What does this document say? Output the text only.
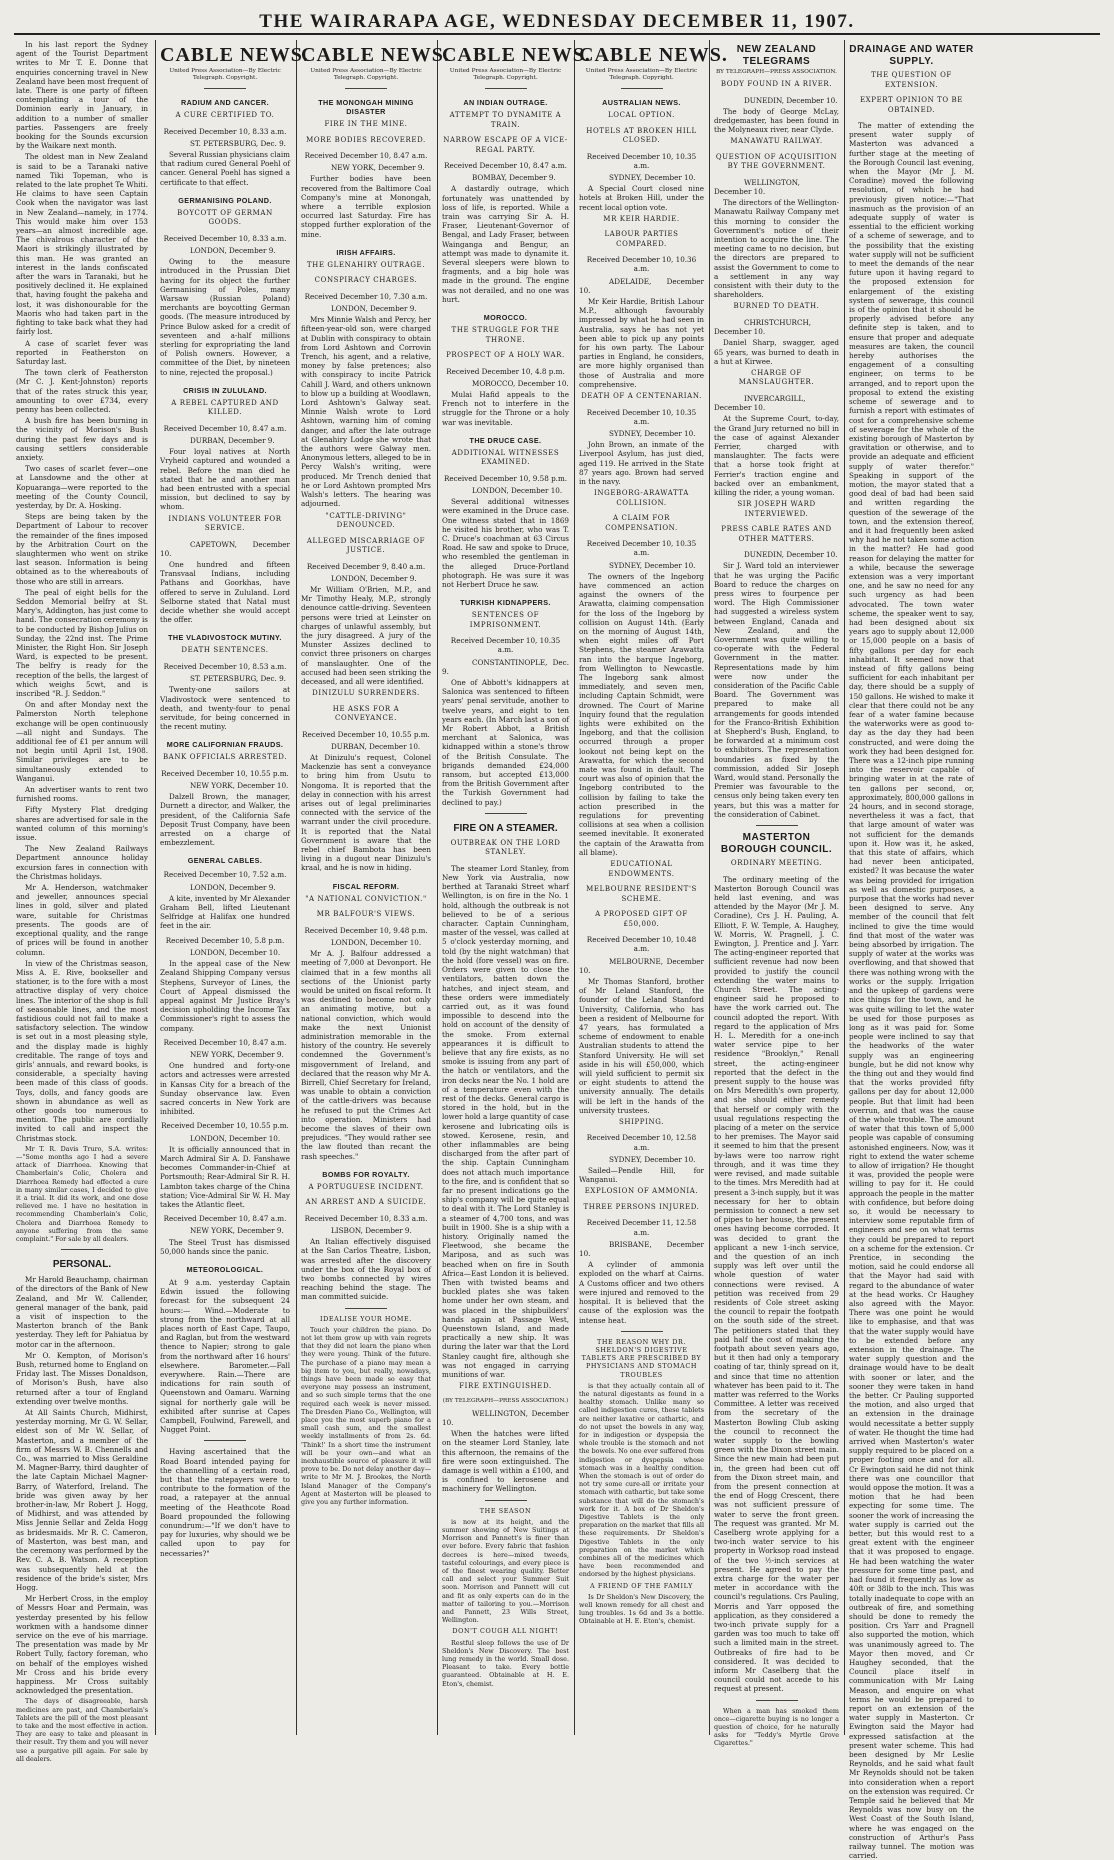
THE WAIRARAPA AGE, WEDNESDAY DECEMBER 11, 1907.

In his last report the Sydney agent of the Tourist Department writes to Mr T. E. Donne that enquiries concerning travel in New Zealand have been most frequent of late. There is one party of fifteen contemplating a tour of the Dominion early in January, in addition to a number of smaller parties. Passengers are freely booking for the Sounds excursion by the Waikare next month.

The oldest man in New Zealand is said to be a Taranaki native named Tiki Topeman, who is related to the late prophet Te Whiti. He claims to have seen Captain Cook when the navigator was last in New Zealand—namely, in 1774. This would make him over 153 years—an almost incredible age. The chivalrous character of the Maori is strikingly illustrated by this man. He was granted an interest in the lands confiscated after the wars in Taranaki, but he positively declined it. He explained that, having fought the pakeha and lost, it was dishonourable for the Maoris who had taken part in the fighting to take back what they had fairly lost.

A case of scarlet fever was reported in Featherston on Saturday last.

The town clerk of Featherston (Mr C. J. Kent-Johnston) reports that of the rates struck this year, amounting to over £734, every penny has been collected.

A bush fire has been burning in the vicinity of Morison's Bush during the past few days and is causing settlers considerable anxiety.

Two cases of scarlet fever—one at Lansdowne and the other at Kopuaranga—were reported to the meeting of the County Council, yesterday, by Dr. A. Hosking.

Steps are being taken by the Department of Labour to recover the remainder of the fines imposed by the Arbitration Court on the slaughtermen who went on strike last season. Information is being obtained as to the whereabouts of those who are still in arrears.

The peal of eight bells for the Seddon Memorial belfry at St. Mary's, Addington, has just come to hand. The consecration ceremony is to be conducted by Bishop Julius on Sunday, the 22nd inst. The Prime Minister, the Right Hon. Sir Joseph Ward, is expected to be present. The belfry is ready for the reception of the bells, the largest of which weighs 5cwt, and is inscribed "R. J. Seddon."

On and after Monday next the Palmerston North telephone exchange will be open continuously—all night and Sundays. The additional fee of £1 per annum will not begin until April 1st, 1908. Similar privileges are to be simultaneously extended to Wanganui.

An advertiser wants to rent two furnished rooms.

Fifty Mystery Flat dredging shares are advertised for sale in the wanted column of this morning's issue.

The New Zealand Railways Department announce holiday excursion fares in connection with the Christmas holidays.

Mr A. Henderson, watchmaker and jeweller, announces special lines in gold, silver and plated ware, suitable for Christmas presents. The goods are of exceptional quality, and the range of prices will be found in another column.

In view of the Christmas season, Miss A. E. Rive, bookseller and stationer, is to the fore with a most attractive display of very choice lines. The interior of the shop is full of seasonable lines, and the most fastidious could not fail to make a satisfactory selection. The window is set out in a most pleasing style, and the display made is highly creditable. The range of toys and girls' annuals, and reward books, is considerable, a specialty having been made of this class of goods. Toys, dolls, and fancy goods are shown in abundance as well as other goods too numerous to mention. The public are cordially invited to call and inspect the Christmas stock.

Mr T. R. Davis Truro, S.A. writes:—"Some months ago I had a severe attack of Diarrhoea. Knowing that Chamberlain's Colic, Cholera and Diarrhoea Remedy had effected a cure in many similar cases, I decided to give it a trial. It did its work, and one dose relieved me. I have no hesitation in recommending Chamberlain's Colic, Cholera and Diarrhoea Remedy to anyone suffering from the same complaint." For sale by all dealers.

PERSONAL.

Mr Harold Beauchamp, chairman of the directors of the Bank of New Zealand, and Mr W. Callender, general manager of the bank, paid a visit of inspection to the Masterton branch of the Bank yesterday. They left for Pahiatua by motor car in the afternoon.

Mr O. Kempton, of Morison's Bush, returned home to England on Friday last. The Misses Donaldson, of Morison's Bush, have also returned after a tour of England extending over twelve months.

At All Saints Church, Midhirst, yesterday morning, Mr G. W. Sellar, eldest son of Mr W. Sellar, of Masterton, and a member of the firm of Messrs W. B. Chennells and Co., was married to Miss Geraldine M. Magner-Barry, third daughter of the late Captain Michael Magner-Barry, of Waterford, Ireland. The bride was given away by her brother-in-law, Mr Robert J. Hogg, of Midhirst, and was attended by Miss Jennie Sellar and Zelda Hogg as bridesmaids. Mr R. C. Cameron, of Masterton, was best man, and the ceremony was performed by the Rev. C. A. B. Watson. A reception was subsequently held at the residence of the bride's sister, Mrs Hogg.

Mr Herbert Cross, in the employ of Messrs Hoar and Permain, was yesterday presented by his fellow workmen with a handsome dinner service on the eve of his marriage. The presentation was made by Mr Robert Tully, factory foreman, who on behalf of the employes wished Mr Cross and his bride every happiness. Mr Cross suitably acknowledged the presentation.

The days of disagreeable, harsh medicines are past, and Chamberlain's Tablets are the pill of the most pleasant to take and the most effective in action. They are easy to take and pleasant in their result. Try them and you will never use a purgative pill again. For sale by all dealers.

CABLE NEWS.
United Press Association—By Electric Telegraph. Copyright.
RADIUM AND CANCER.
A CURE CERTIFIED TO.
Received December 10, 8.33 a.m.

ST. PETERSBURG, Dec. 9.

Several Russian physicians claim that radium cured General Poehl of cancer. General Poehl has signed a certificate to that effect.

GERMANISING POLAND.
BOYCOTT OF GERMAN GOODS.
Received December 10, 8.33 a.m.

LONDON, December 9.

Owing to the measure introduced in the Prussian Diet having for its object the further Germanising of Poles, many Warsaw (Russian Poland) merchants are boycotting German goods. (The measure introduced by Prince Bulow asked for a credit of seventeen and a-half millions sterling for expropriating the land of Polish owners. However, a committee of the Diet, by nineteen to nine, rejected the proposal.)

CRISIS IN ZULULAND.
A REBEL CAPTURED AND KILLED.
Received December 10, 8.47 a.m.

DURBAN, December 9.

Four loyal natives at North Vryheid captured and wounded a rebel. Before the man died he stated that he and another man had been entrusted with a special mission, but declined to say by whom.

INDIANS VOLUNTEER FOR SERVICE.

CAPETOWN, December 10.

One hundred and fifteen Transvaal Indians, including Pathans and Goorkhas, have offered to serve in Zululand. Lord Selborne stated that Natal must decide whether she would accept the offer.

THE VLADIVOSTOCK MUTINY.
DEATH SENTENCES.
Received December 10, 8.53 a.m.

ST. PETERSBURG, Dec. 9.

Twenty-one sailors at Vladivostock were sentenced to death, and twenty-four to penal servitude, for being concerned in the recent mutiny.

MORE CALIFORNIAN FRAUDS.
BANK OFFICIALS ARRESTED.
Received December 10, 10.55 p.m.

NEW YORK, December 10.

Dalzell Brown, the manager, Durnett a director, and Walker, the president, of the California Safe Deposit Trust Company, have been arrested on a charge of embezzlement.

GENERAL CABLES.
Received December 10, 7.52 a.m.

LONDON, December 9.

A kite, invented by Mr Alexander Graham Bell, lifted Lieutenant Selfridge at Halifax one hundred feet in the air.

Received December 10, 5.8 p.m.

LONDON, December 10.

In the appeal case of the New Zealand Shipping Company versus Stephens, Surveyor of Lines, the Court of Appeal dismissed the appeal against Mr Justice Bray's decision upholding the Income Tax Commissioner's right to assess the company.

Received December 10, 8.47 a.m.

NEW YORK, December 9.

One hundred and forty-one actors and actresses were arrested in Kansas City for a breach of the Sunday observance law. Even sacred concerts in New York are inhibited.

Received December 10, 10.55 p.m.

LONDON, December 10.

It is officially announced that in March Admiral Sir A. D. Fanshawe becomes Commander-in-Chief at Portsmouth; Rear-Admiral Sir R. H. Lambton takes charge of the China station; Vice-Admiral Sir W. H. May takes the Atlantic fleet.

Received December 10, 8.47 a.m.

NEW YORK, December 9.

The Steel Trust has dismissed 50,000 hands since the panic.

METEOROLOGICAL.

At 9 a.m. yesterday Captain Edwin issued the following forecast for the subsequent 24 hours:— Wind.—Moderate to strong from the northward at all places north of East Cape, Taupo, and Raglan, but from the westward thence to Napier; strong to gale from the northward after 16 hours' elsewhere. Barometer.—Fall everywhere. Rain.—There are indications for rain south of Queenstown and Oamaru. Warning signal for northerly gale will be exhibited after sunrise at Capes Campbell, Foulwind, Farewell, and Nugget Point.

Having ascertained that the Road Board intended paying for the channelling of a certain road, but that the ratepayers were to contribute to the formation of the road, a ratepayer at the annual meeting of the Heathcote Road Board propounded the following conundrum:—"If we don't have to pay for luxuries, why should we be called upon to pay for necessaries?"

CABLE NEWS.
United Press Association—By Electric Telegraph. Copyright.
THE MONONGAH MINING DISASTER
FIRE IN THE MINE.
MORE BODIES RECOVERED.
Received December 10, 8.47 a.m.

NEW YORK, December 9.

Further bodies have been recovered from the Baltimore Coal Company's mine at Monongah, where a terrible explosion occurred last Saturday. Fire has stopped further exploration of the mine.

IRISH AFFAIRS.
THE GLENAHIRY OUTRAGE.
CONSPIRACY CHARGES.
Received December 10, 7.30 a.m.

LONDON, December 9.

Mrs Minnie Walsh and Percy, her fifteen-year-old son, were charged at Dublin with conspiracy to obtain from Lord Ashtown and Corrovin Trench, his agent, and a relative, money by false pretences; also with conspiracy to incite Patrick Cahill J. Ward, and others unknown to blow up a building at Woodlawn, Lord Ashtown's Galway seat. Minnie Walsh wrote to Lord Ashtown, warning him of coming danger, and after the late outrage at Glenahiry Lodge she wrote that the authors were Galway men. Anonymous letters, alleged to be in Percy Walsh's writing, were produced. Mr Trench denied that he or Lord Ashtown prompted Mrs Walsh's letters. The hearing was adjourned.

"CATTLE-DRIVING" DENOUNCED.
ALLEGED MISCARRIAGE OF JUSTICE.
Received December 9, 8.40 a.m.

LONDON, December 9.

Mr William O'Brien, M.P., and Mr Timothy Healy, M.P., strongly denounce cattle-driving. Seventeen persons were tried at Leinster on charges of unlawful assembly, but the jury disagreed. A jury of the Munster Assizes declined to convict three prisoners on charges of manslaughter. One of the accused had been seen striking the deceased, and all were identified.

DINIZULU SURRENDERS.
HE ASKS FOR A CONVEYANCE.
Received December 10, 10.55 p.m.

DURBAN, December 10.

At Dinizulu's request, Colonel Mackenzie has sent a conveyance to bring him from Usutu to Nongoma. It is reported that the delay in connection with his arrest arises out of legal preliminaries connected with the service of the warrant under the civil procedure. It is reported that the Natal Government is aware that the rebel chief Bambota has been living in a dugout near Dinizulu's kraal, and he is now in hiding.

FISCAL REFORM.
"A NATIONAL CONVICTION."
MR BALFOUR'S VIEWS.
Received December 10, 9.48 p.m.

LONDON, December 10.

Mr A. J. Balfour addressed a meeting of 7,000 at Devonport. He claimed that in a few months all sections of the Unionist party would be united on fiscal reform. It was destined to become not only an animating motive, but a national conviction, which would make the next Unionist administration memorable in the history of the country. He severely condemned the Government's misgovernment of Ireland, and declared that the reason why Mr A. Birrell, Chief Secretary for Ireland, was unable to obtain a conviction of the cattle-drivers was because he refused to put the Crimes Act into operation. Ministers had become the slaves of their own prejudices. "They would rather see the law flouted than recant the rash speeches."

BOMBS FOR ROYALTY.
A PORTUGUESE INCIDENT.
AN ARREST AND A SUICIDE.
Received December 10, 8.33 a.m.

LISBON, December 9.

An Italian effectively disguised at the San Carlos Theatre, Lisbon, was arrested after the discovery under the box of the Royal box of two bombs connected by wires reaching behind the stage. The man committed suicide.

IDEALISE YOUR HOME.

Touch your children the piano. Do not let them grow up with vain regrets that they did not learn the piano when they were young. Think of the future. The purchase of a piano may mean a big item to you, but really, nowadays, things have been made so easy that everyone may possess an instrument, and so such simple terms that the one required each week is never missed. The Dresden Piano Co., Wellington, will place you the most superb piano for a small cash sum, and the smallest weekly installments of from 2s. 6d. 'Think!' In a short time the instrument will be your own—and what an inexhaustible source of pleasure it will prove to be. Do not delay another day—write to Mr M. J. Brookes, the North Island Manager of the Company's Agent at Masterton will be pleased to give you any further information.

CABLE NEWS.
United Press Association—By Electric Telegraph. Copyright.
AN INDIAN OUTRAGE.
ATTEMPT TO DYNAMITE A TRAIN.
NARROW ESCAPE OF A VICE-REGAL PARTY.
Received December 10, 8.47 a.m.

BOMBAY, December 9.

A dastardly outrage, which fortunately was unattended by loss of life, is reported. While a train was carrying Sir A. H. Fraser, Lieutenant-Governor of Bengal, and Lady Fraser, between Wainganga and Bengur, an attempt was made to dynamite it. Several sleepers were blown to fragments, and a big hole was made in the ground. The engine was not derailed, and no one was hurt.

MOROCCO.
THE STRUGGLE FOR THE THRONE.
PROSPECT OF A HOLY WAR.
Received December 10, 4.8 p.m.

MOROCCO, December 10.

Mulai Hafid appeals to the French not to interfere in the struggle for the Throne or a holy war was inevitable.

THE DRUCE CASE.
ADDITIONAL WITNESSES EXAMINED.
Received December 10, 9.58 p.m.

LONDON, December 10.

Several additional witnesses were examined in the Druce case. One witness stated that in 1869 he visited his brother, who was T. C. Druce's coachman at 63 Circus Road. He saw and spoke to Druce, who resembled the gentleman in the alleged Druce-Portland photograph. He was sure it was not Herbert Druce he saw.

TURKISH KIDNAPPERS.
SENTENCES OF IMPRISONMENT.
Received December 10, 10.35 a.m.

CONSTANTINOPLE, Dec. 9.

One of Abbott's kidnappers at Salonica was sentenced to fifteen years' penal servitude, another to twelve years, and eight to ten years each. (In March last a son of Mr Robert Abbot, a British merchant at Salonica, was kidnapped within a stone's throw of the British Consulate. The brigands demanded £24,000 ransom, but accepted £13,000 from the British Government after the Turkish Government had declined to pay.)

FIRE ON A STEAMER.
OUTBREAK ON THE LORD STANLEY.

The steamer Lord Stanley, from New York via Australia, now berthed at Taranaki Street wharf Wellington, is on fire in the No. 1 hold, although the outbreak is not believed to be of a serious character. Captain Cunningham, master of the vessel, was called at 5 o'clock yesterday morning, and told (by the night watchman) that the hold (fore vessel) was on fire. Orders were given to close the ventilators, batten down the hatches, and inject steam, and these orders were immediately carried out, as it was found impossible to descend into the hold on account of the density of the smoke. From external appearances it is difficult to believe that any fire exists, as no smoke is issuing from any part of the hatch or ventilators, and the iron decks near the No. 1 hold are of a temperature even with the rest of the decks. General cargo is stored in the hold, but in the lower hold a large quantity of case kerosene and lubricating oils is stowed. Kerosene, resin, and other inflammables are being discharged from the after part of the ship. Captain Cunningham does not attach much importance to the fire, and is confident that so far no present indications go the ship's company will be quite equal to deal with it. The Lord Stanley is a steamer of 4,700 tons, and was built in 1900. She is a ship with a history. Originally named the Fleetwood, she became the Mariposa, and as such was beached when on fire in South Africa—East London it is believed. Then with twisted beams and buckled plates she was taken home under her own steam, and was placed in the shipbuilders' hands again at Passage West, Queenstown Island, and made practically a new ship. It was during the later war that the Lord Stanley caught fire, although she was not engaged in carrying munitions of war.

FIRE EXTINGUISHED.
(BY TELEGRAPH—PRESS ASSOCIATION.)

WELLINGTON, December 10.

When the hatches were lifted on the steamer Lord Stanley, late this afternoon, the remains of the fire were soon extinguished. The damage is well within a £100, and is confined to kerosene and machinery for Wellington.

THE SEASON

is now at its height, and the summer showing of New Suitings at Morrison and Pannett's is finer than ever before. Every fabric that fashion decrees is here—mixed tweeds, tasteful colourings, and every piece is of the finest wearing quality. Better call and select your Summer Suit soon. Morrison and Pannett will cut and fit as only experts can do in the matter of tailoring to you.—Morrison and Pannett, 23 Wills Street, Wellington.

DON'T COUGH ALL NIGHT!

Restful sleep follows the use of Dr Sheldon's New Discovery. The best lung remedy in the world. Small dose. Pleasant to take. Every bottle guaranteed. Obtainable at H. E. Eton's, chemist.

CABLE NEWS.
United Press Association—By Electric Telegraph. Copyright.
AUSTRALIAN NEWS.
LOCAL OPTION.
HOTELS AT BROKEN HILL CLOSED.
Received December 10, 10.35 a.m.

SYDNEY, December 10.

A Special Court closed nine hotels at Broken Hill, under the recent local option vote.

MR KEIR HARDIE.
LABOUR PARTIES COMPARED.
Received December 10, 10.36 a.m.

ADELAIDE, December 10.

Mr Keir Hardie, British Labour M.P., although favourably impressed by what he had seen in Australia, says he has not yet been able to pick up any points for his own party. The Labour parties in England, he considers, are more highly organised than those of Australia and more comprehensive.

DEATH OF A CENTENARIAN.
Received December 10, 10.35 a.m.

SYDNEY, December 10.

John Brown, an inmate of the Liverpool Asylum, has just died, aged 119. He arrived in the State 87 years ago. Brown had served in the navy.

INGEBORG-ARAWATTA COLLISION.
A CLAIM FOR COMPENSATION.
Received December 10, 10.35 a.m.

SYDNEY, December 10.

The owners of the Ingeborg have commenced an action against the owners of the Arawatta, claiming compensation for the loss of the Ingeborg by collision on August 14th. (Early on the morning of August 14th, when eight miles off Port Stephens, the steamer Arawatta ran into the barque Ingeborg, from Wellington to Newcastle. The Ingeborg sank almost immediately, and seven men, including Captain Schmidt, were drowned. The Court of Marine Inquiry found that the regulation lights were exhibited on the Ingeborg, and that the collision occurred through a proper lookout not being kept on the Arawatta, for which the second mate was found in default. The court was also of opinion that the Ingeborg contributed to the collision by failing to take the action prescribed in the regulations for preventing collisions at sea when a collision seemed inevitable. It exonerated the captain of the Arawatta from all blame).

EDUCATIONAL ENDOWMENTS.
MELBOURNE RESIDENT'S SCHEME.
A PROPOSED GIFT OF £50,000.
Received December 10, 10.48 a.m.

MELBOURNE, December 10.

Mr Thomas Stanford, brother of Mr Leland Stanford, the founder of the Leland Stanford University, California, who has been a resident of Melbourne for 47 years, has formulated a scheme of endowment to enable Australian students to attend the Stanford University. He will set aside in his will £50,000, which will yield sufficient to permit six or eight students to attend the university annually. The details will be left in the hands of the university trustees.

SHIPPING.
Received December 10, 12.58 a.m.

SYDNEY, December 10.

Sailed—Pendle Hill, for Wanganui.

EXPLOSION OF AMMONIA.
THREE PERSONS INJURED.
Received December 11, 12.58 a.m.

BRISBANE, December 10.

A cylinder of ammonia exploded on the wharf at Cairns. A Customs officer and two others were injured and removed to the hospital. It is believed that the cause of the explosion was the intense heat.

THE REASON WHY DR. SHELDON'S DIGESTIVE TABLETS ARE PRESCRIBED BY PHYSICIANS AND STOMACH TROUBLES

is that they actually contain all of the natural digestants as found in a healthy stomach. Unlike many so called indigestion cures, these tablets are neither laxative or cathartic, and do not upset the bowels in any way, for in indigestion or dyspepsia the whole trouble is the stomach and not the bowels. No one ever suffered from indigestion or dyspepsia whose stomach was in a healthy condition. When the stomach is out of order do not try some cure-all or irritate your stomach with cathartic, but take some substance that will do the stomach's work for it. A box of Dr Sheldon's Digestive Tablets is the only preparation on the market that fills all these requirements. Dr Sheldon's Digestive Tablets in the only preparation on the market which combines all of the medicines which have been recommended and endorsed by the highest physicians.

A FRIEND OF THE FAMILY

Is Dr Sheldon's New Discovery, the well known remedy for all chest and lung troubles. 1s 6d and 3s a bottle. Obtainable at H. E. Eton's, chemist.

NEW ZEALAND TELEGRAMS
BY TELEGRAPH—PRESS ASSOCIATION.
BODY FOUND IN A RIVER.

DUNEDIN, December 10.

The body of George McLay, dredgemaster, has been found in the Molyneaux river, near Clyde.

MANAWATU RAILWAY.
QUESTION OF ACQUISITION BY THE GOVERNMENT.

WELLINGTON, December 10.

The directors of the Wellington-Manawatu Railway Company met this morning to consider the Government's notice of their intention to acquire the line. The meeting came to no decision, but the directors are prepared to assist the Government to come to a settlement in any way consistent with their duty to the shareholders.

BURNED TO DEATH.

CHRISTCHURCH, December 10.

Daniel Sharp, swagger, aged 65 years, was burned to death in a hut at Kirwee.

CHARGE OF MANSLAUGHTER.

INVERCARGILL, December 10.

At the Supreme Court, to-day, the Grand Jury returned no bill in the case of against Alexander Ferrier, charged with manslaughter. The facts were that a horse took fright at Ferrier's traction engine and backed over an embankment, killing the rider, a young woman.

SIR JOSEPH WARD INTERVIEWED.
PRESS CABLE RATES AND OTHER MATTERS.

DUNEDIN, December 10.

Sir J. Ward told an interviewer that he was urging the Pacific Board to reduce the charges on press wires to fourpence per word. The High Commissioner had suggested a wireless system between England, Canada and New Zealand, and the Government was quite willing to co-operate with the Federal Government in the matter. Representations made by him were now under the consideration of the Pacific Cable Board. The Government was prepared to make all arrangements for goods intended for the Franco-British Exhibition at Shepherd's Bush, England, to be forwarded at a minimum cost to exhibitors. The representation boundaries as fixed by the commission, added Sir Joseph Ward, would stand. Personally the Premier was favourable to the census only being taken every ten years, but this was a matter for the consideration of Cabinet.

MASTERTON BOROUGH COUNCIL.
ORDINARY MEETING.

The ordinary meeting of the Masterton Borough Council was held last evening, and was attended by the Mayor (Mr J. M. Coradine), Crs J. H. Pauling, A. Elliott, F. W. Temple, A. Haughey, W. Morris, W. Pragnell, J. C. Ewington, J. Prentice and J. Yarr. The acting-engineer reported that sufficient revenue had now been provided to justify the council extending the water mains to Church Street. The acting-engineer said he proposed to have the work carried out. The council adopted the report. With regard to the application of Mrs H. L. Meredith for a one-inch water service pipe to her residence "Brooklyn," Renall street, the acting-engineer reported that the defect in the present supply to the house was on Mrs Meredith's own property, and she should either remedy that herself or comply with the usual regulations respecting the placing of a meter on the service to her premises. The Mayor said it seemed to him that the present by-laws were too narrow right through, and it was time they were revised, and made suitable to the times. Mrs Meredith had at present a 3-inch supply, but it was necessary for her to obtain permission to connect a new set of pipes to her house, the present ones having become corroded. It was decided to grant the applicant a new 1-inch service, and the question of an inch supply was left over until the whole question of water connections were revised. A petition was received from 29 residents of Cole street asking the council to repair the footpath on the south side of the street. The petitioners stated that they paid half the cost of making the footpath about seven years ago, but it then had only a temporary coating of tar, thinly spread on it, and since that time no attention whatever has been paid to it. The matter was referred to the Works Committee. A letter was received from the secretary of the Masterton Bowling Club asking the council to reconnect the water supply to the bowling green with the Dixon street main. Since the new main had been put in, the green had been cut off from the Dixon street main, and from the present connection at the end of Hogg Crescent, there was not sufficient pressure of water to serve the front green. The request was granted. Mr M. Caselberg wrote applying for a two-inch water service to his property in Worksop road instead of the two ½-inch services at present. He agreed to pay the extra charge for the water per meter in accordance with the council's regulations. Crs Pauling, Morris and Yarr opposed the application, as they considered a two-inch private supply for a garden was too much to take off such a limited main in the street. Outbreaks of fire had to be considered. It was decided to inform Mr Caselberg that the council could not accede to his request at present.

When a man has smoked them once—cigarette buying is no longer a question of choice, for he naturally asks for "Teddy's Myrtle Grove Cigarettes."

DRAINAGE AND WATER SUPPLY.
THE QUESTION OF EXTENSION.
EXPERT OPINION TO BE OBTAINED.

The matter of extending the present water supply of Masterton was advanced a further stage at the meeting of the Borough Council last evening, when the Mayor (Mr J. M. Coradine) moved the following resolution, of which he had previously given notice:—"That inasmuch as the provision of an adequate supply of water is essential to the efficient working of a scheme of sewerage, and to the possibility that the existing water supply will not be sufficient to meet the demands of the near future upon it having regard to the proposed extension for enlargement of the existing system of sewerage, this council is of the opinion that it should be properly advised before any definite step is taken, and to ensure that proper and adequate measures are taken, the council hereby authorises the engagement of a consulting engineer, on terms to be arranged, and to report upon the proposal to extend the existing scheme of sewerage and to furnish a report with estimates of cost for a comprehensive scheme of sewerage for the whole of the existing borough of Masterton by gravitation or otherwise, and to provide an adequate and efficient supply of water therefor." Speaking in support of the motion, the mayor stated that a good deal of bad had been said and written regarding the question of the sewerage of the town, and the extension thereof, and it had frequently been asked why had he not taken some action in the matter? He had good reason for delaying the matter for a while, because the sewerage extension was a very important one, and he saw no need for any such urgency as had been advocated. The town water scheme, the speaker went to say, had been designed about six years ago to supply about 12,000 or 15,000 people on a basis of fifty gallons per day for each inhabitant. It seemed now that instead of fifty gallons being sufficient for each inhabitant per day, there should be a supply of 150 gallons. He wished to make it clear that there could not be any fear of a water famine because the waterworks were as good to-day as the day they had been constructed, and were doing the work they had been designed for. There was a 12-inch pipe running into the reservoir capable of bringing water in at the rate of ten gallons per second, or, approximately, 800,000 gallons in 24 hours, and in second storage, nevertheless it was a fact, that that large amount of water was not sufficient for the demands upon it. How was it, he asked, that this state of affairs, which had never been anticipated, existed? It was because the water was being provided for irrigation as well as domestic purposes, a purpose that the works had never been designed to serve. Any member of the council that felt inclined to give the time would find that most of the water was being absorbed by irrigation. The supply of water at the works was overflowing, and that showed that there was nothing wrong with the works or the supply. Irrigation and the upkeep of gardens were nice things for the town, and he was quite willing to let the water be used for those purposes as long as it was paid for. Some people were inclined to say that the headworks of the water supply was an engineering bungle, but he did not know why the thing out and they would find that the works provided fifty gallons per day for about 12,000 people. But that limit had been overrun, and that was the cause of the whole trouble. The amount of water that this town of 5,000 people was capable of consuming astonished engineers. Now, was it right to extend the water scheme to allow of irrigation? He thought it was, provided the people were willing to pay for it. He could approach the people in the matter with confidence, but before doing so, it would be necessary to interview some reputable firm of engineers and see on what terms they could be prepared to report on a scheme for the extension. Cr Prentice, in seconding the motion, said he could endorse all that the Mayor had said with regard to the abundance of water at the head works. Cr Haughey also agreed with the Mayor. There was one point he would like to emphasise, and that was that the water supply would have to be extended before any extension in the drainage. The water supply question and the drainage would have to be dealt with sooner or later, and the sooner they were taken in hand the better. Cr Pauling supported the motion, and also urged that an extension in the drainage would necessitate a better supply of water. He thought the time had arrived when Masterton's water supply required to be placed on a proper footing once and for all. Cr Ewington said he did not think there was one councillor that would oppose the motion. It was a motion that he had been expecting for some time. The sooner the work of increasing the water supply is carried out the better, but this would rest to a great extent with the engineer that it was proposed to engage. He had been watching the water pressure for some time past, and had found it frequently as low as 40ft or 38lb to the inch. This was totally inadequate to cope with an outbreak of fire, and something should be done to remedy the position. Crs Yarr and Pragnell also supported the motion, which was unanimously agreed to. The Mayor then moved, and Cr Haughey seconded, that the Council place itself in communication with Mr Laing Meason, and enquire on what terms he would be prepared to report on an extension of the water supply in Masterton. Cr Ewington said the Mayor had expressed satisfaction at the present water scheme. This had been designed by Mr Leslie Reynolds, and he said what fault Mr Reynolds should not be taken into consideration when a report on the extension was required. Cr Temple said he believed that Mr Reynolds was now busy on the West Coast of the South Island, where he was engaged on the construction of Arthur's Pass railway tunnel. The motion was carried.
